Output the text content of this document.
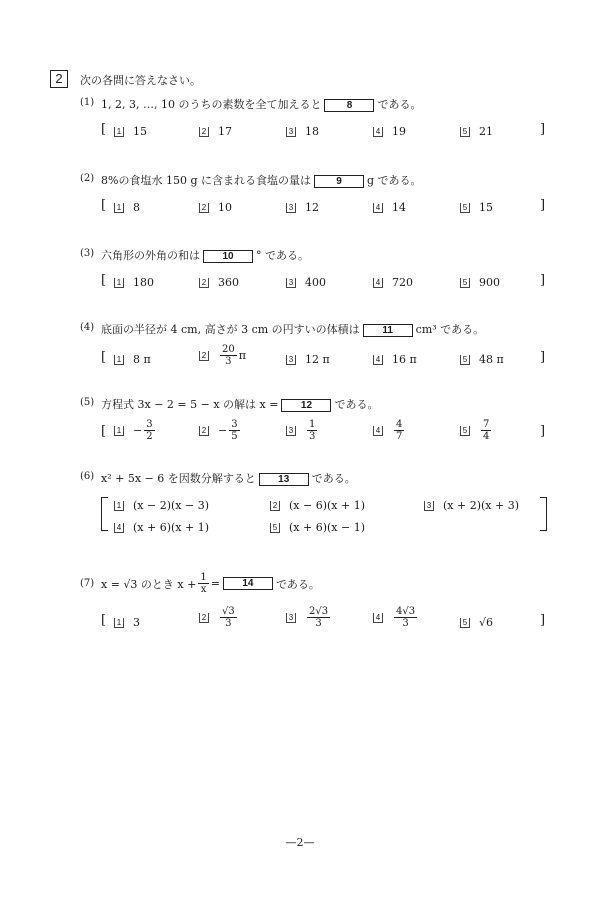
2	次の各問に答えなさい。
(1) 1, 2, 3, …, 10 のうちの素数を全て加えると	8 である。
[	1 15	2 17	3 18	4 19	5 21	]
(2) 8%の食塩水 150 g に含まれる食塩の量は	9 g である。
[	1 8	2 10	3 12	4 14	5 15	]
(3) 六角形の外角の和は 10 ° である。
[	1 180	2 360	3 400	4 720	5 900	]
(4) 底面の半径が 4 cm, 高さが 3 cm の円すいの体積は 11 cm³ である。
[	1 8 π	$2 \frac{20}{3}$ π	3 12 π	4 16 π	5 48 π	]
(5) 方程式 3x − 2 = 5 − x の解は x = 12 である。
[	$1 - \frac{3}{2}$	$2 - \frac{3}{5}$	$3 \frac{1}{3}$	$4 \frac{4}{7}$	$5 \frac{7}{4}$	]
(6) x² + 5x − 6 を因数分解すると 13 である。
1 (x − 2)(x − 3)	2 (x − 6)(x + 1)	3 (x + 2)(x + 3)
4 (x + 6)(x + 1)	5 (x + 6)(x − 1)
(7) x = √3 のとき $x + \frac{1}{x}$ =	14	である。
[	1 3	$2 \frac{√3}{3}$	$3 \frac{2√3}{3}$	$4 \frac{4√3}{3}$	5 √6	]
—2—
